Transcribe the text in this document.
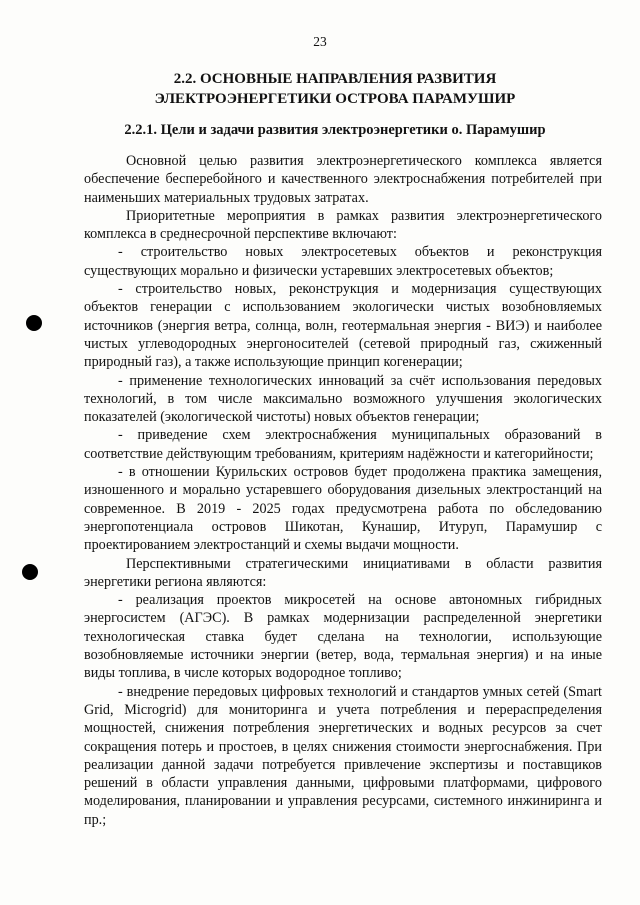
23
2.2. ОСНОВНЫЕ НАПРАВЛЕНИЯ РАЗВИТИЯ
ЭЛЕКТРОЭНЕРГЕТИКИ ОСТРОВА ПАРАМУШИР
2.2.1. Цели и задачи развития электроэнергетики о. Парамушир

Основной целью развития электроэнергетического комплекса является обеспечение бесперебойного и качественного электроснабжения потребителей при наименьших материальных трудовых затратах.

Приоритетные мероприятия в рамках развития электроэнергетического комплекса в среднесрочной перспективе включают:

- строительство новых электросетевых объектов и реконструкция существующих морально и физически устаревших электросетевых объектов;

- строительство новых, реконструкция и модернизация существующих объектов генерации с использованием экологически чистых возобновляемых источников (энергия ветра, солнца, волн, геотермальная энергия - ВИЭ) и наиболее чистых углеводородных энергоносителей (сетевой природный газ, сжиженный природный газ), а также использующие принцип когенерации;

- применение технологических инноваций за счёт использования передовых технологий, в том числе максимально возможного улучшения экологических показателей (экологической чистоты) новых объектов генерации;

- приведение схем электроснабжения муниципальных образований в соответствие действующим требованиям, критериям надёжности и категорийности;

- в отношении Курильских островов будет продолжена практика замещения, изношенного и морально устаревшего оборудования дизельных электростанций на современное. В 2019 - 2025 годах предусмотрена работа по обследованию энергопотенциала островов Шикотан, Кунашир, Итуруп, Парамушир с проектированием электростанций и схемы выдачи мощности.

Перспективными стратегическими инициативами в области развития энергетики региона являются:

- реализация проектов микросетей на основе автономных гибридных энергосистем (АГЭС). В рамках модернизации распределенной энергетики технологическая ставка будет сделана на технологии, использующие возобновляемые источники энергии (ветер, вода, термальная энергия) и на иные виды топлива, в числе которых водородное топливо;

- внедрение передовых цифровых технологий и стандартов умных сетей (Smart Grid, Microgrid) для мониторинга и учета потребления и перераспределения мощностей, снижения потребления энергетических и водных ресурсов за счет сокращения потерь и простоев, в целях снижения стоимости энергоснабжения. При реализации данной задачи потребуется привлечение экспертизы и поставщиков решений в области управления данными, цифровыми платформами, цифрового моделирования, планировании и управления ресурсами, системного инжиниринга и пр.;
